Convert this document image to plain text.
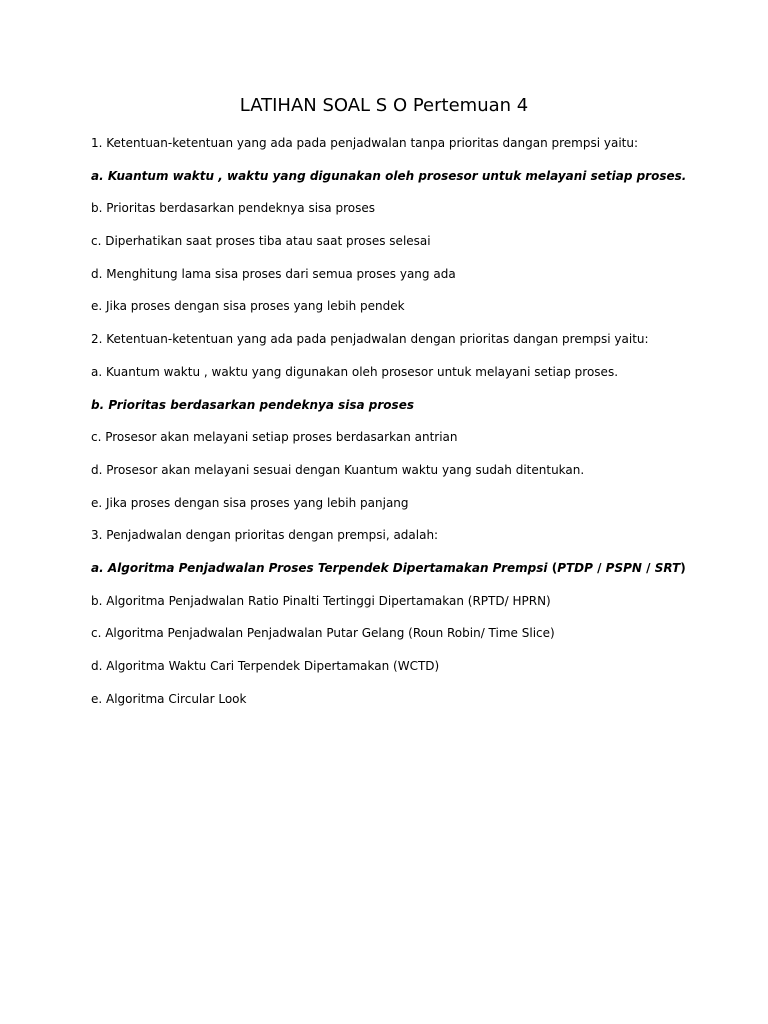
LATIHAN SOAL S O Pertemuan 4

1. Ketentuan-ketentuan yang ada pada penjadwalan tanpa prioritas dangan prempsi yaitu:

a. Kuantum waktu , waktu yang digunakan oleh prosesor untuk melayani setiap proses.

b. Prioritas berdasarkan pendeknya sisa proses

c. Diperhatikan saat proses tiba atau saat proses selesai

d. Menghitung lama sisa proses dari semua proses yang ada

e. Jika proses dengan sisa proses yang lebih pendek

2. Ketentuan-ketentuan yang ada pada penjadwalan dengan prioritas dangan prempsi yaitu:

a. Kuantum waktu , waktu yang digunakan oleh prosesor untuk melayani setiap proses.

b. Prioritas berdasarkan pendeknya sisa proses

c. Prosesor akan melayani setiap proses berdasarkan antrian

d. Prosesor akan melayani sesuai dengan Kuantum waktu yang sudah ditentukan.

e. Jika proses dengan sisa proses yang lebih panjang

3. Penjadwalan dengan prioritas dengan prempsi, adalah:

a. Algoritma Penjadwalan Proses Terpendek Dipertamakan Prempsi (PTDP / PSPN / SRT)

b. Algoritma Penjadwalan Ratio Pinalti Tertinggi Dipertamakan (RPTD/ HPRN)

c. Algoritma Penjadwalan Penjadwalan Putar Gelang (Roun Robin/ Time Slice)

d. Algoritma Waktu Cari Terpendek Dipertamakan (WCTD)

e. Algoritma Circular Look
